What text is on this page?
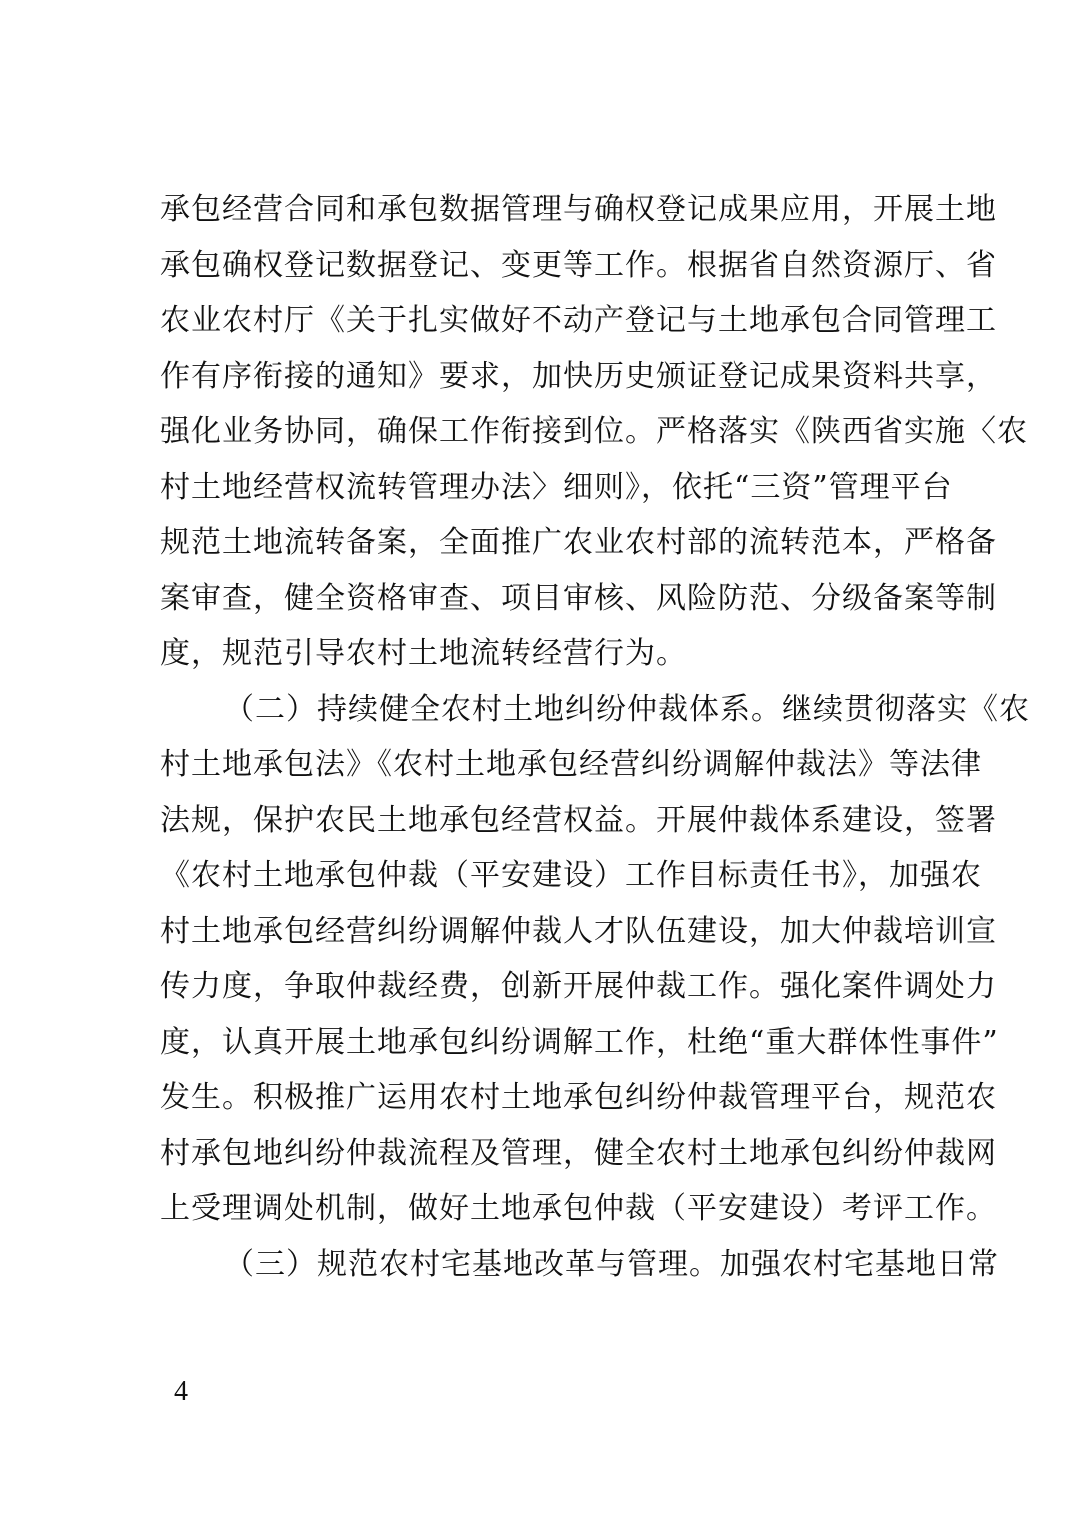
承包经营合同和承包数据管理与确权登记成果应用，开展土地
承包确权登记数据登记、变更等工作。根据省自然资源厅、省
农业农村厅《关于扎实做好不动产登记与土地承包合同管理工
作有序衔接的通知》要求，加快历史颁证登记成果资料共享，
强化业务协同，确保工作衔接到位。严格落实《陕西省实施〈农
村土地经营权流转管理办法〉细则》，依托“三资”管理平台
规范土地流转备案，全面推广农业农村部的流转范本，严格备
案审查，健全资格审查、项目审核、风险防范、分级备案等制
度，规范引导农村土地流转经营行为。
（二）持续健全农村土地纠纷仲裁体系。继续贯彻落实《农
村土地承包法》《农村土地承包经营纠纷调解仲裁法》等法律
法规，保护农民土地承包经营权益。开展仲裁体系建设，签署
《农村土地承包仲裁（平安建设）工作目标责任书》，加强农
村土地承包经营纠纷调解仲裁人才队伍建设，加大仲裁培训宣
传力度，争取仲裁经费，创新开展仲裁工作。强化案件调处力
度，认真开展土地承包纠纷调解工作，杜绝“重大群体性事件”
发生。积极推广运用农村土地承包纠纷仲裁管理平台，规范农
村承包地纠纷仲裁流程及管理，健全农村土地承包纠纷仲裁网
上受理调处机制，做好土地承包仲裁（平安建设）考评工作。
（三）规范农村宅基地改革与管理。加强农村宅基地日常
4
